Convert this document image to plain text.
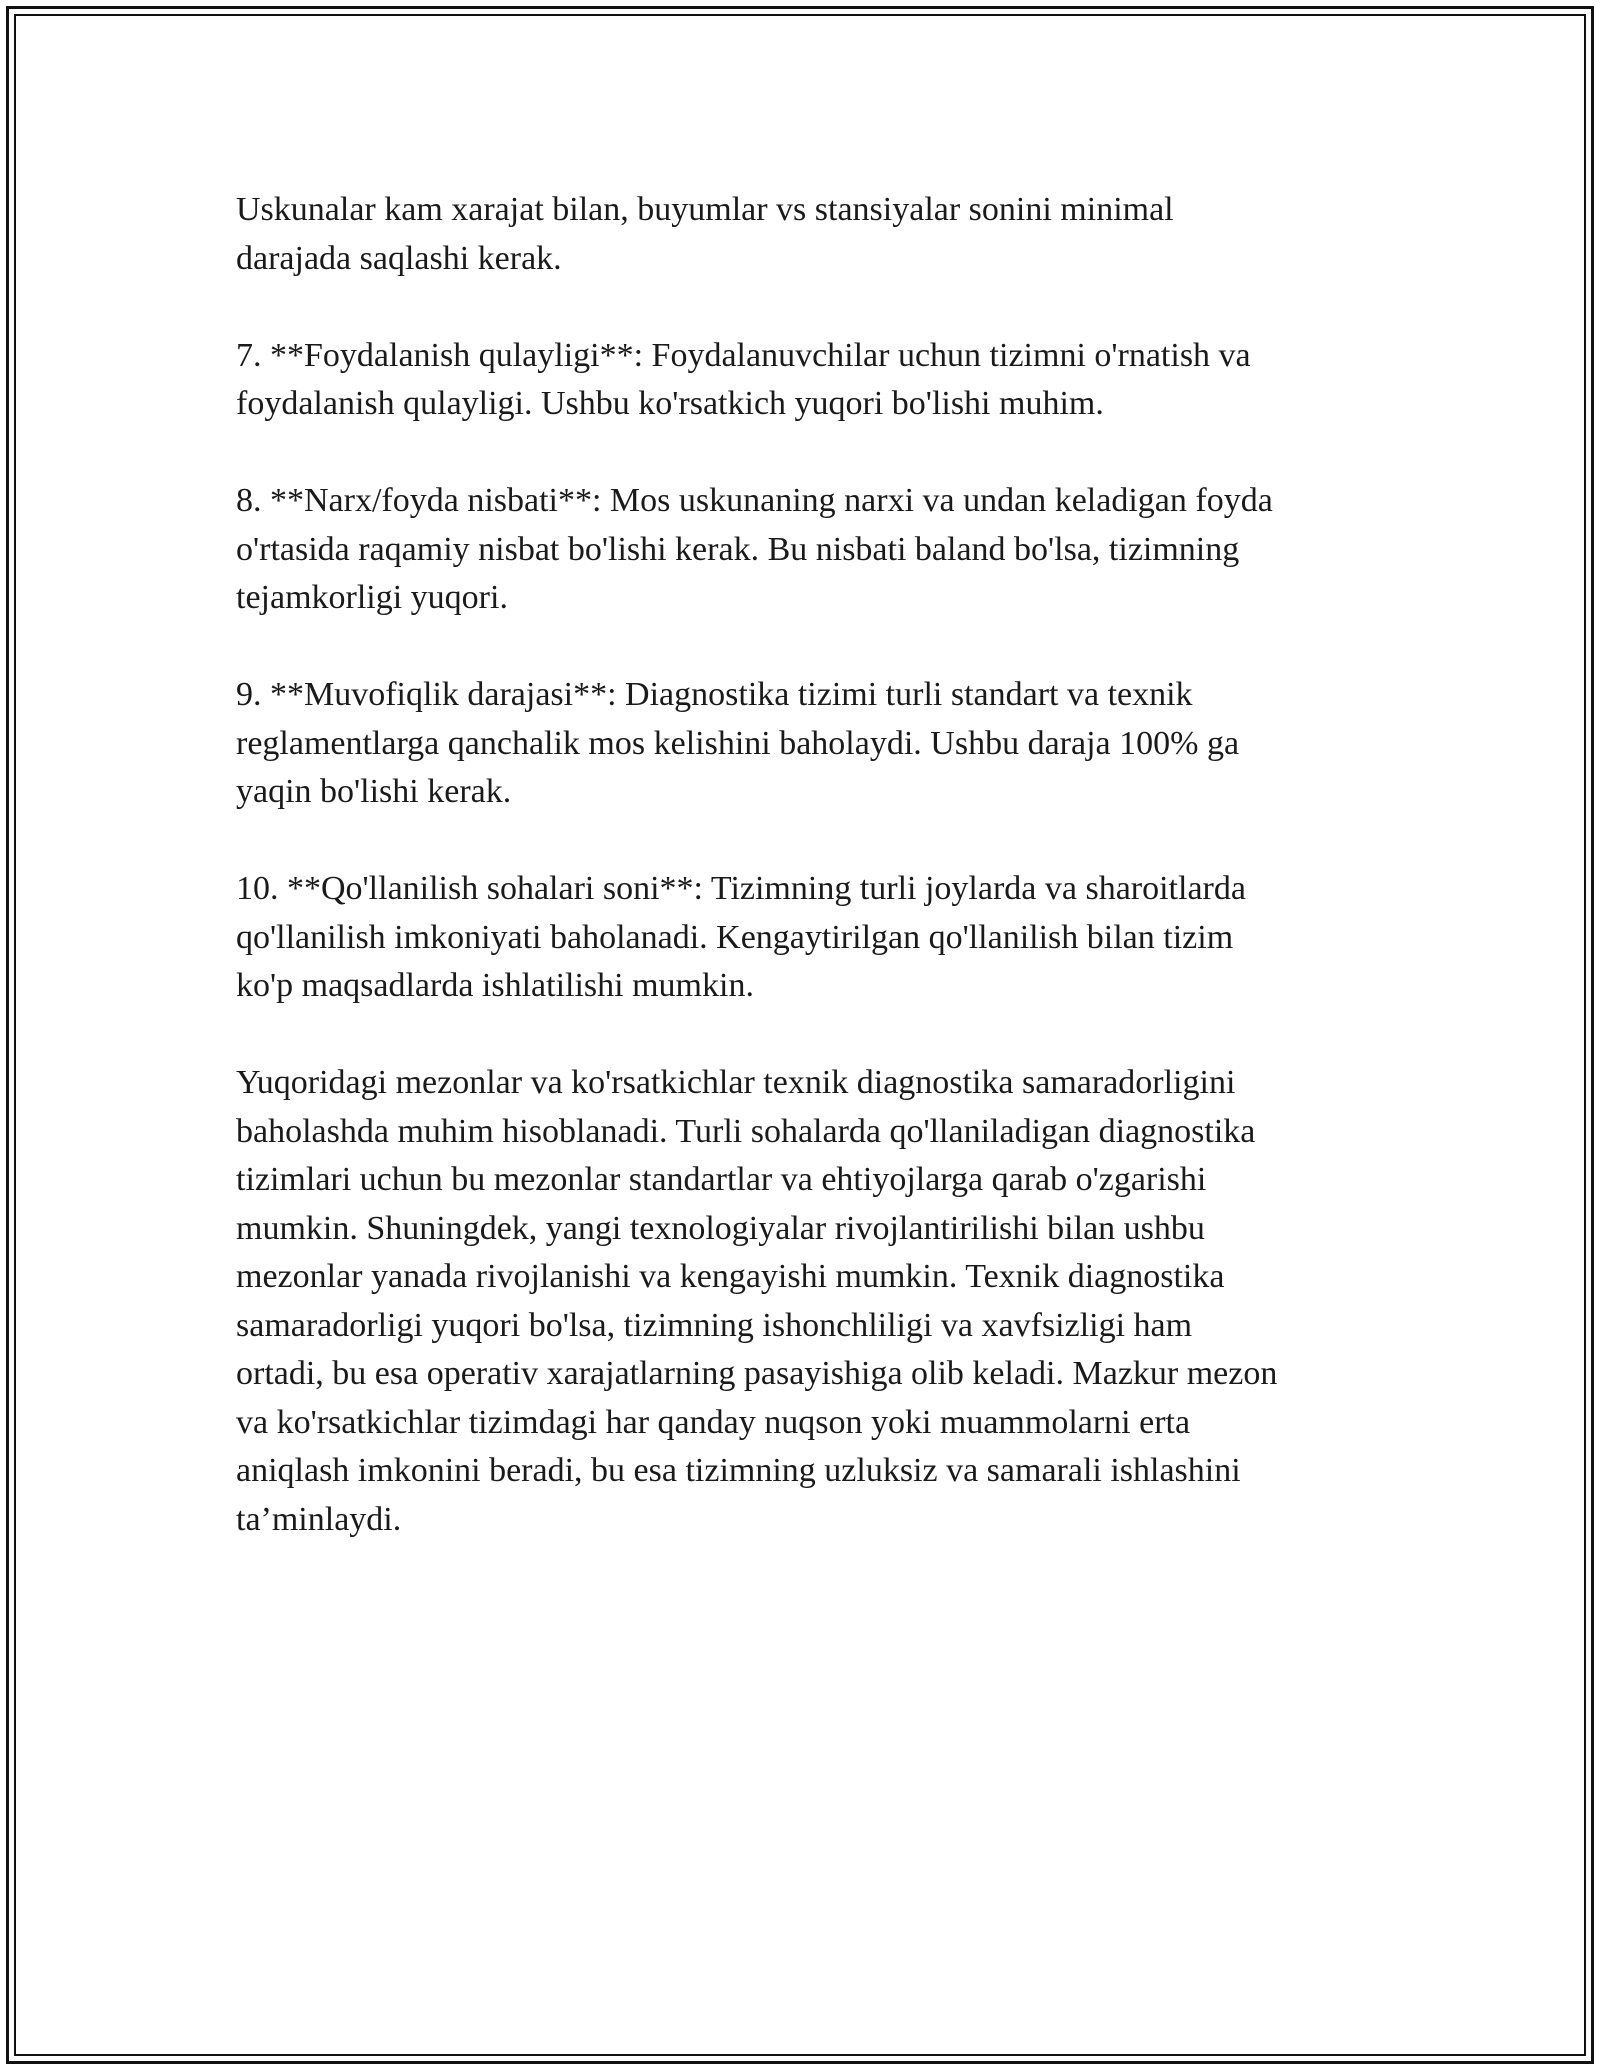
Uskunalar kam xarajat bilan, buyumlar vs stansiyalar sonini minimal
darajada saqlashi kerak.

7. **Foydalanish qulayligi**: Foydalanuvchilar uchun tizimni o'rnatish va
foydalanish qulayligi. Ushbu ko'rsatkich yuqori bo'lishi muhim.

8. **Narx/foyda nisbati**: Mos uskunaning narxi va undan keladigan foyda
o'rtasida raqamiy nisbat bo'lishi kerak. Bu nisbati baland bo'lsa, tizimning
tejamkorligi yuqori.

9. **Muvofiqlik darajasi**: Diagnostika tizimi turli standart va texnik
reglamentlarga qanchalik mos kelishini baholaydi. Ushbu daraja 100% ga
yaqin bo'lishi kerak.

10. **Qo'llanilish sohalari soni**: Tizimning turli joylarda va sharoitlarda
qo'llanilish imkoniyati baholanadi. Kengaytirilgan qo'llanilish bilan tizim
ko'p maqsadlarda ishlatilishi mumkin.

Yuqoridagi mezonlar va ko'rsatkichlar texnik diagnostika samaradorligini
baholashda muhim hisoblanadi. Turli sohalarda qo'llaniladigan diagnostika
tizimlari uchun bu mezonlar standartlar va ehtiyojlarga qarab o'zgarishi
mumkin. Shuningdek, yangi texnologiyalar rivojlantirilishi bilan ushbu
mezonlar yanada rivojlanishi va kengayishi mumkin. Texnik diagnostika
samaradorligi yuqori bo'lsa, tizimning ishonchliligi va xavfsizligi ham
ortadi, bu esa operativ xarajatlarning pasayishiga olib keladi. Mazkur mezon
va ko'rsatkichlar tizimdagi har qanday nuqson yoki muammolarni erta
aniqlash imkonini beradi, bu esa tizimning uzluksiz va samarali ishlashini
ta’minlaydi.
